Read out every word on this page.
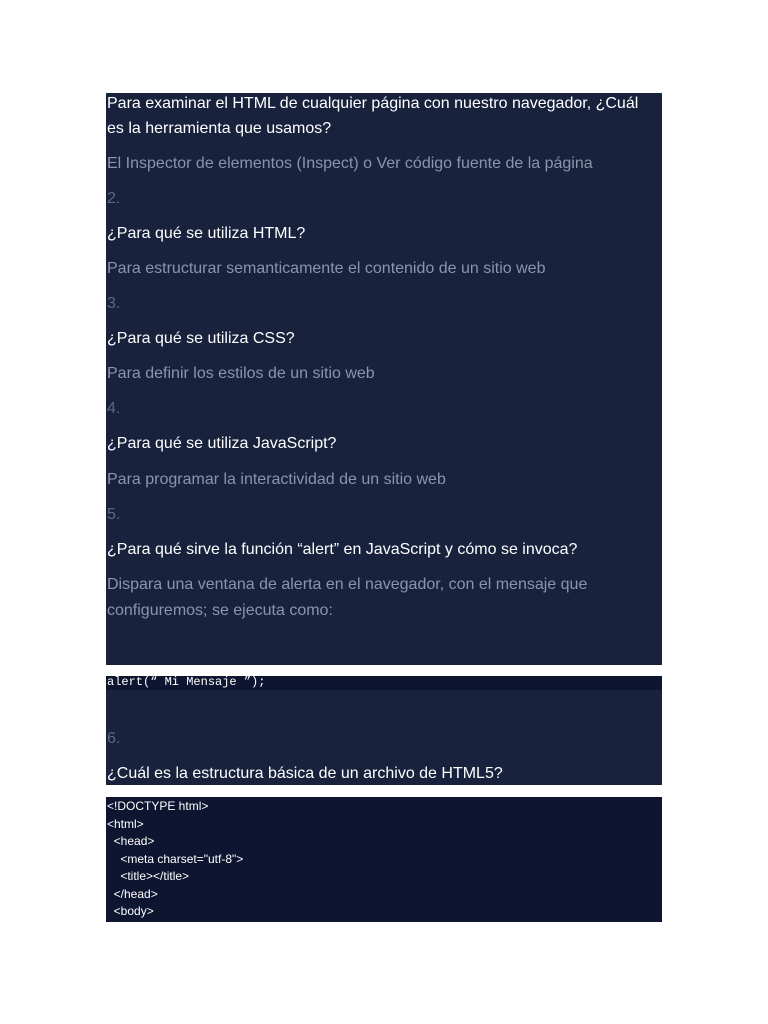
Para examinar el HTML de cualquier página con nuestro navegador, ¿Cuál
es la herramienta que usamos?
El Inspector de elementos (Inspect) o Ver código fuente de la página
2.
¿Para qué se utiliza HTML?
Para estructurar semanticamente el contenido de un sitio web
3.
¿Para qué se utiliza CSS?
Para definir los estilos de un sitio web
4.
¿Para qué se utiliza JavaScript?
Para programar la interactividad de un sitio web
5.
¿Para qué sirve la función “alert” en JavaScript y cómo se invoca?
Dispara una ventana de alerta en el navegador, con el mensaje que
configuremos; se ejecuta como:
alert(“ Mi Mensaje ”);
6.
¿Cuál es la estructura básica de un archivo de HTML5?
<!DOCTYPE html>
<html>
<head>
<meta charset="utf-8">
<title></title>
</head>
<body>
